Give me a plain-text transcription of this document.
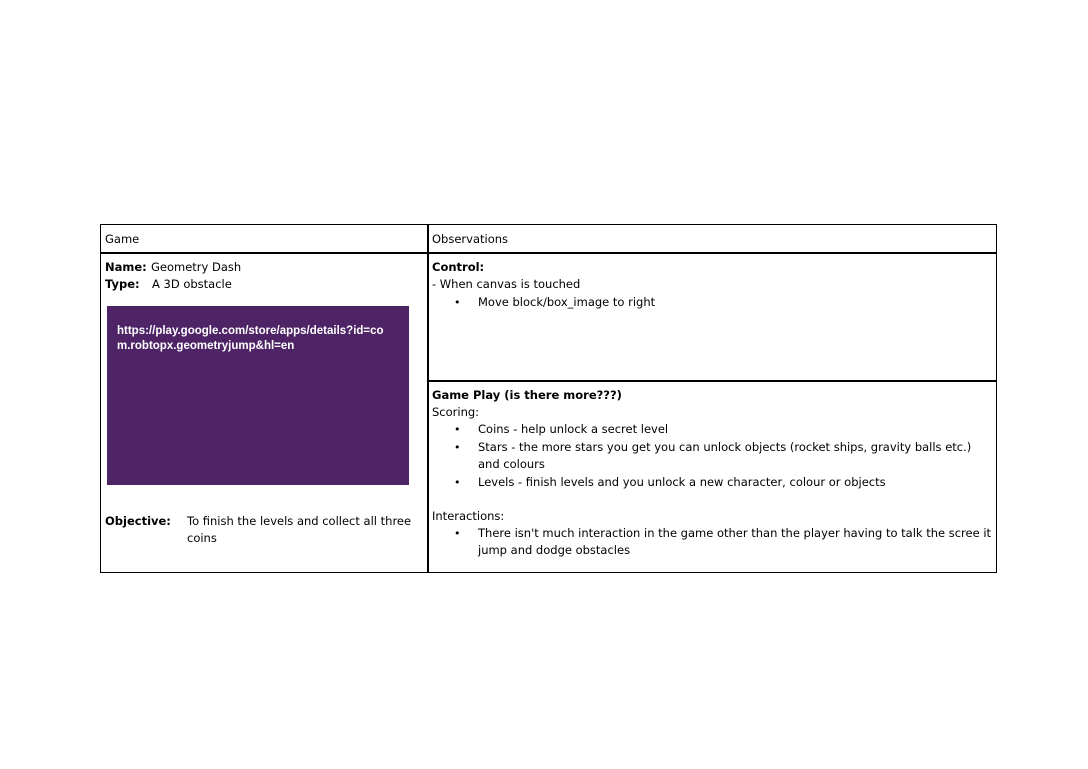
Game	Observations
Name: Geometry Dash
Type: A 3D obstacle
https://play.google.com/store/apps/details?id=com.robtopx.geometryjump&hl=en
Objective: To finish the levels and collect all three
coins
Control:
- When canvas is touched
• Move block/box_image to right
Game Play (is there more???)
Scoring:
• Coins - help unlock a secret level
• Stars - the more stars you get you can unlock objects (rocket ships, gravity balls etc.) and colours
• Levels - finish levels and you unlock a new character, colour or objects
Interactions:
• There isn't much interaction in the game other than the player having to talk the scree it jump and dodge obstacles
